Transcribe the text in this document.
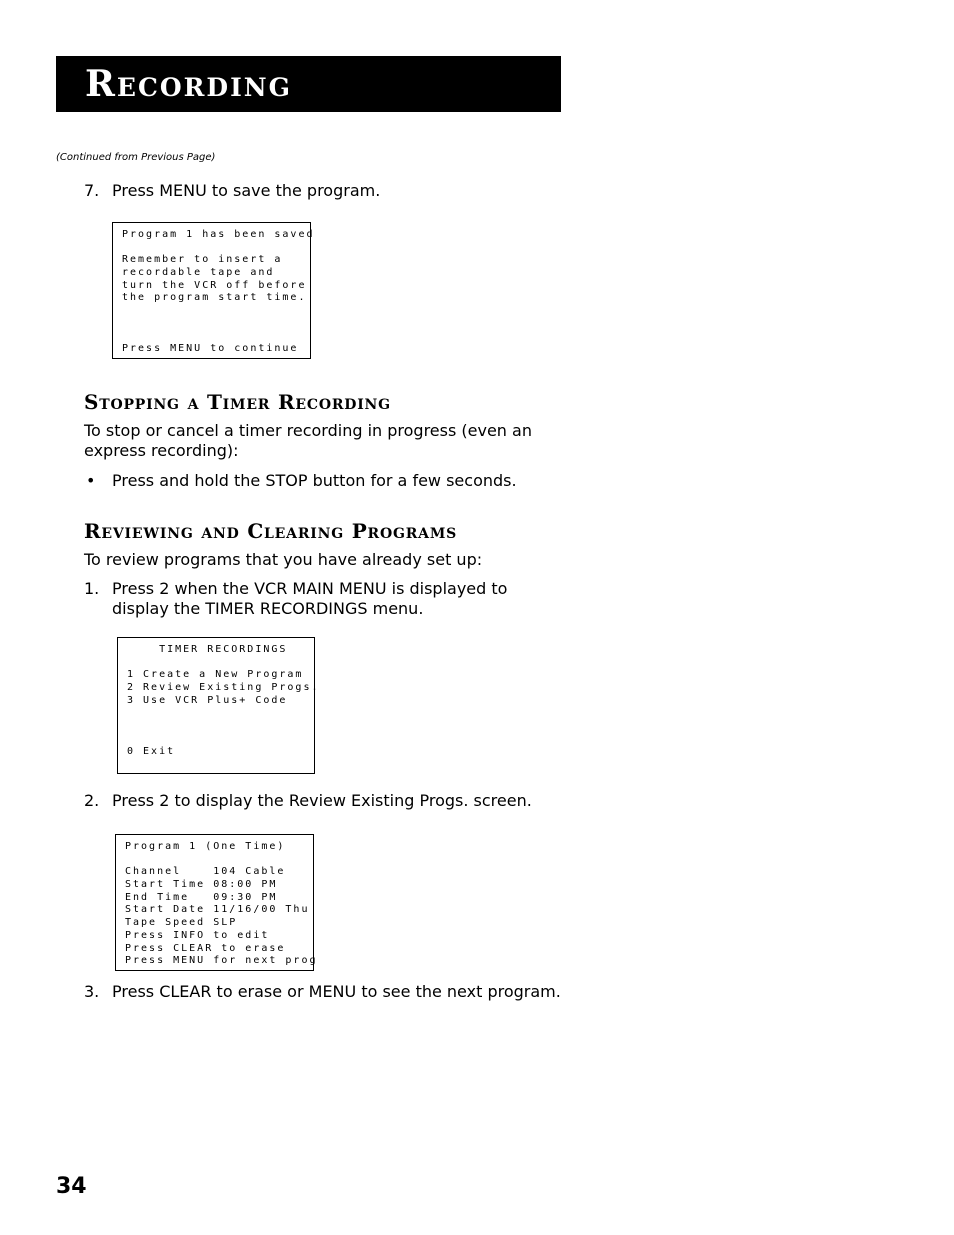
Recording
(Continued from Previous Page)
7. Press MENU to save the program.
Program 1 has been saved
Remember to insert a
recordable tape and
turn the VCR off before
the program start time.
Press MENU to continue
Stopping a Timer Recording
To stop or cancel a timer recording in progress (even an
express recording):
• Press and hold the STOP button for a few seconds.
Reviewing and Clearing Programs
To review programs that you have already set up:
1. Press 2 when the VCR MAIN MENU is displayed to
display the TIMER RECORDINGS menu.
TIMER RECORDINGS
1 Create a New Program
2 Review Existing Progs.
3 Use VCR Plus+ Code
0 Exit
2. Press 2 to display the Review Existing Progs. screen.
Program 1 (One Time)
Channel    104 Cable
Start Time 08:00 PM
End Time   09:30 PM
Start Date 11/16/00 Thu
Tape Speed SLP
Press INFO to edit
Press CLEAR to erase
Press MENU for next prog
3. Press CLEAR to erase or MENU to see the next program.
34
